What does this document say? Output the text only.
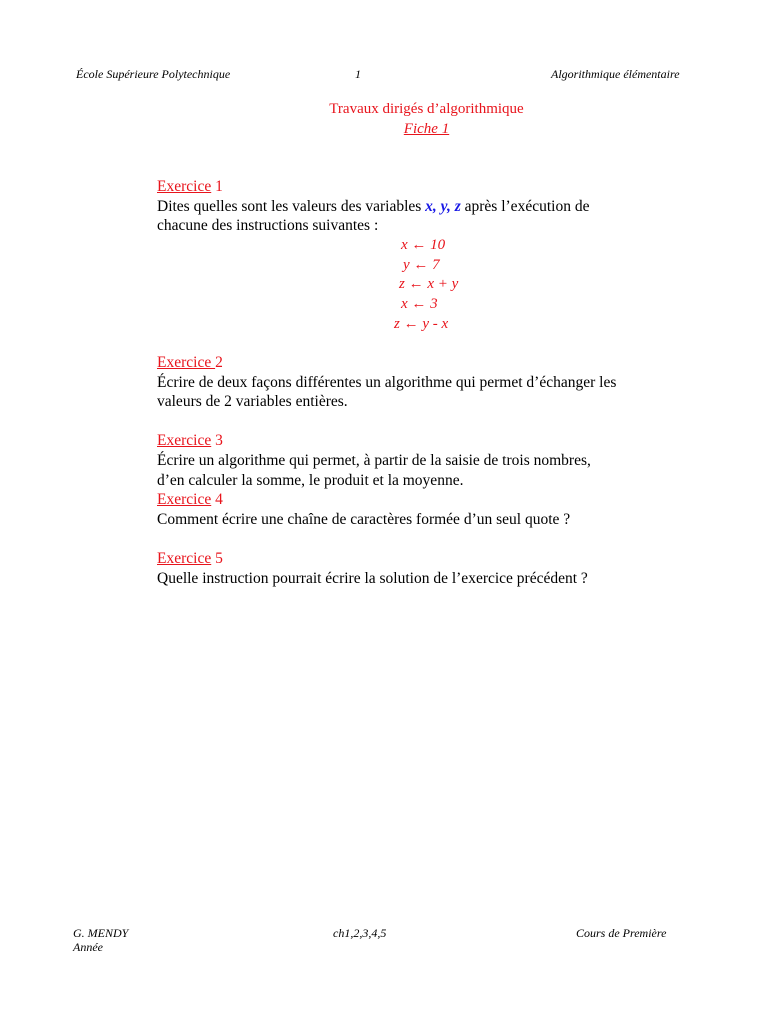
École Supérieure Polytechnique	1	Algorithmique élémentaire
Travaux dirigés d’algorithmique
Fiche 1
Exercice 1
Dites quelles sont les valeurs des variables x, y, z après l’exécution de
chacune des instructions suivantes :
x ← 10
y ← 7
z ← x + y
x ← 3
z ← y - x
Exercice 2
Écrire de deux façons différentes un algorithme qui permet d’échanger les
valeurs de 2 variables entières.
Exercice 3
Écrire un algorithme qui permet, à partir de la saisie de trois nombres,
d’en calculer la somme, le produit et la moyenne.
Exercice 4
Comment écrire une chaîne de caractères formée d’un seul quote ?
Exercice 5
Quelle instruction pourrait écrire la solution de l’exercice précédent ?
G. MENDY
Année
ch1,2,3,4,5	Cours de Première
